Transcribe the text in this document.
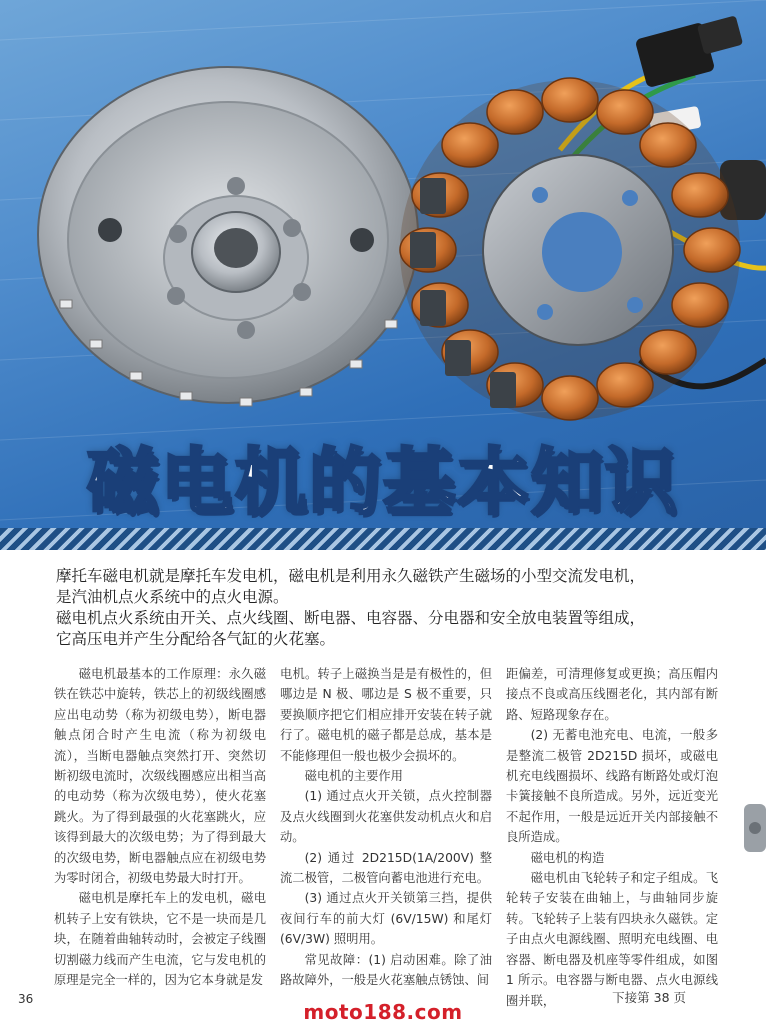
磁电机的基本知识

摩托车磁电机就是摩托车发电机，磁电机是利用永久磁铁产生磁场的小型交流发电机，

是汽油机点火系统中的点火电源。

磁电机点火系统由开关、点火线圈、断电器、电容器、分电器和安全放电装置等组成，

它高压电并产生分配给各气缸的火花塞。

磁电机最基本的工作原理：永久磁铁在铁芯中旋转，铁芯上的初级线圈感应出电动势（称为初级电势），断电器触点闭合时产生电流（称为初级电流），当断电器触点突然打开、突然切断初级电流时，次级线圈感应出相当高的电动势（称为次级电势），使火花塞跳火。为了得到最强的火花塞跳火，应该得到最大的次级电势；为了得到最大的次级电势，断电器触点应在初级电势为零时闭合，初级电势最大时打开。

磁电机是摩托车上的发电机，磁电机转子上安有铁块，它不是一块而是几块，在随着曲轴转动时，会被定子线圈切割磁力线而产生电流，它与发电机的原理是完全一样的，因为它本身就是发

电机。转子上磁换当是是有极性的，但哪边是 N 极、哪边是 S 极不重要，只要换顺序把它们相应排开安装在转子就行了。磁电机的磁子都是总成，基本是不能修理但一般也极少会损坏的。

磁电机的主要作用

(1) 通过点火开关锁，点火控制器及点火线圈到火花塞供发动机点火和启动。

(2) 通过 2D215D(1A/200V) 整流二极管，二极管向蓄电池进行充电。

(3) 通过点火开关锁第三挡，提供夜间行车的前大灯 (6V/15W) 和尾灯 (6V/3W) 照明用。

常见故障：(1) 启动困难。除了油路故障外，一般是火花塞触点锈蚀、间

距偏差，可清理修复或更换；高压帽内接点不良或高压线圈老化，其内部有断路、短路现象存在。

(2) 无蓄电池充电、电流，一般多是整流二极管 2D215D 损坏，或磁电机充电线圈损坏、线路有断路处或灯泡卡簧接触不良所造成。另外，远近变光不起作用，一般是远近开关内部接触不良所造成。

磁电机的构造

磁电机由飞轮转子和定子组成。飞轮转子安装在曲轴上，与曲轴同步旋转。飞轮转子上装有四块永久磁铁。定子由点火电源线圈、照明充电线圈、电容器、断电器及机座等零件组成，如图 1 所示。电容器与断电器、点火电源线圈并联，

36	下接第 38 页
moto188.com
